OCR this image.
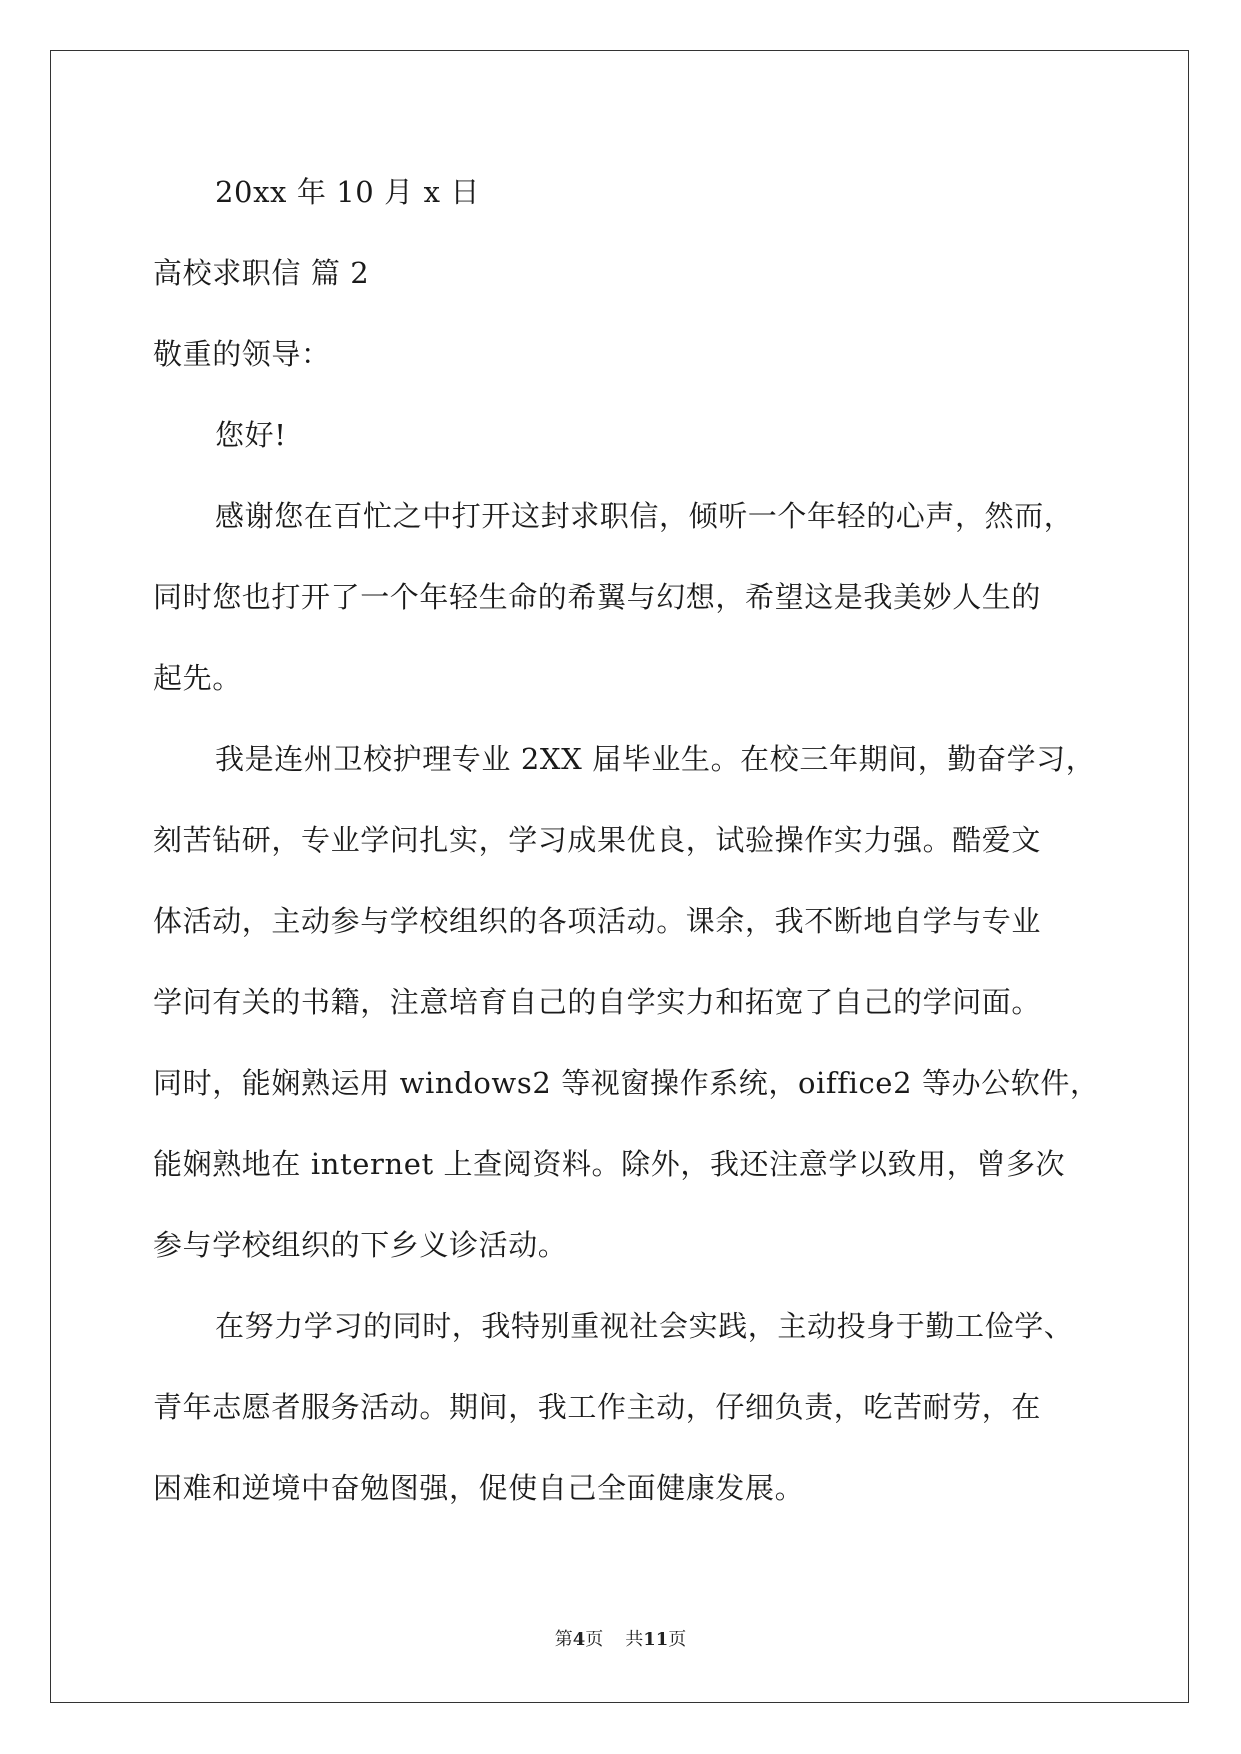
20xx 年 10 月 x 日
高校求职信 篇 2
敬重的领导：
您好!
感谢您在百忙之中打开这封求职信，倾听一个年轻的心声，然而，
同时您也打开了一个年轻生命的希翼与幻想，希望这是我美妙人生的
起先。
我是连州卫校护理专业 2XX 届毕业生。在校三年期间，勤奋学习，
刻苦钻研，专业学问扎实，学习成果优良，试验操作实力强。酷爱文
体活动，主动参与学校组织的各项活动。课余，我不断地自学与专业
学问有关的书籍，注意培育自己的自学实力和拓宽了自己的学问面。
同时，能娴熟运用 windows2 等视窗操作系统，oiffice2 等办公软件，
能娴熟地在 internet 上查阅资料。除外，我还注意学以致用，曾多次
参与学校组织的下乡义诊活动。
在努力学习的同时，我特别重视社会实践，主动投身于勤工俭学、
青年志愿者服务活动。期间，我工作主动，仔细负责，吃苦耐劳，在
困难和逆境中奋勉图强，促使自己全面健康发展。
第4页 共11页
